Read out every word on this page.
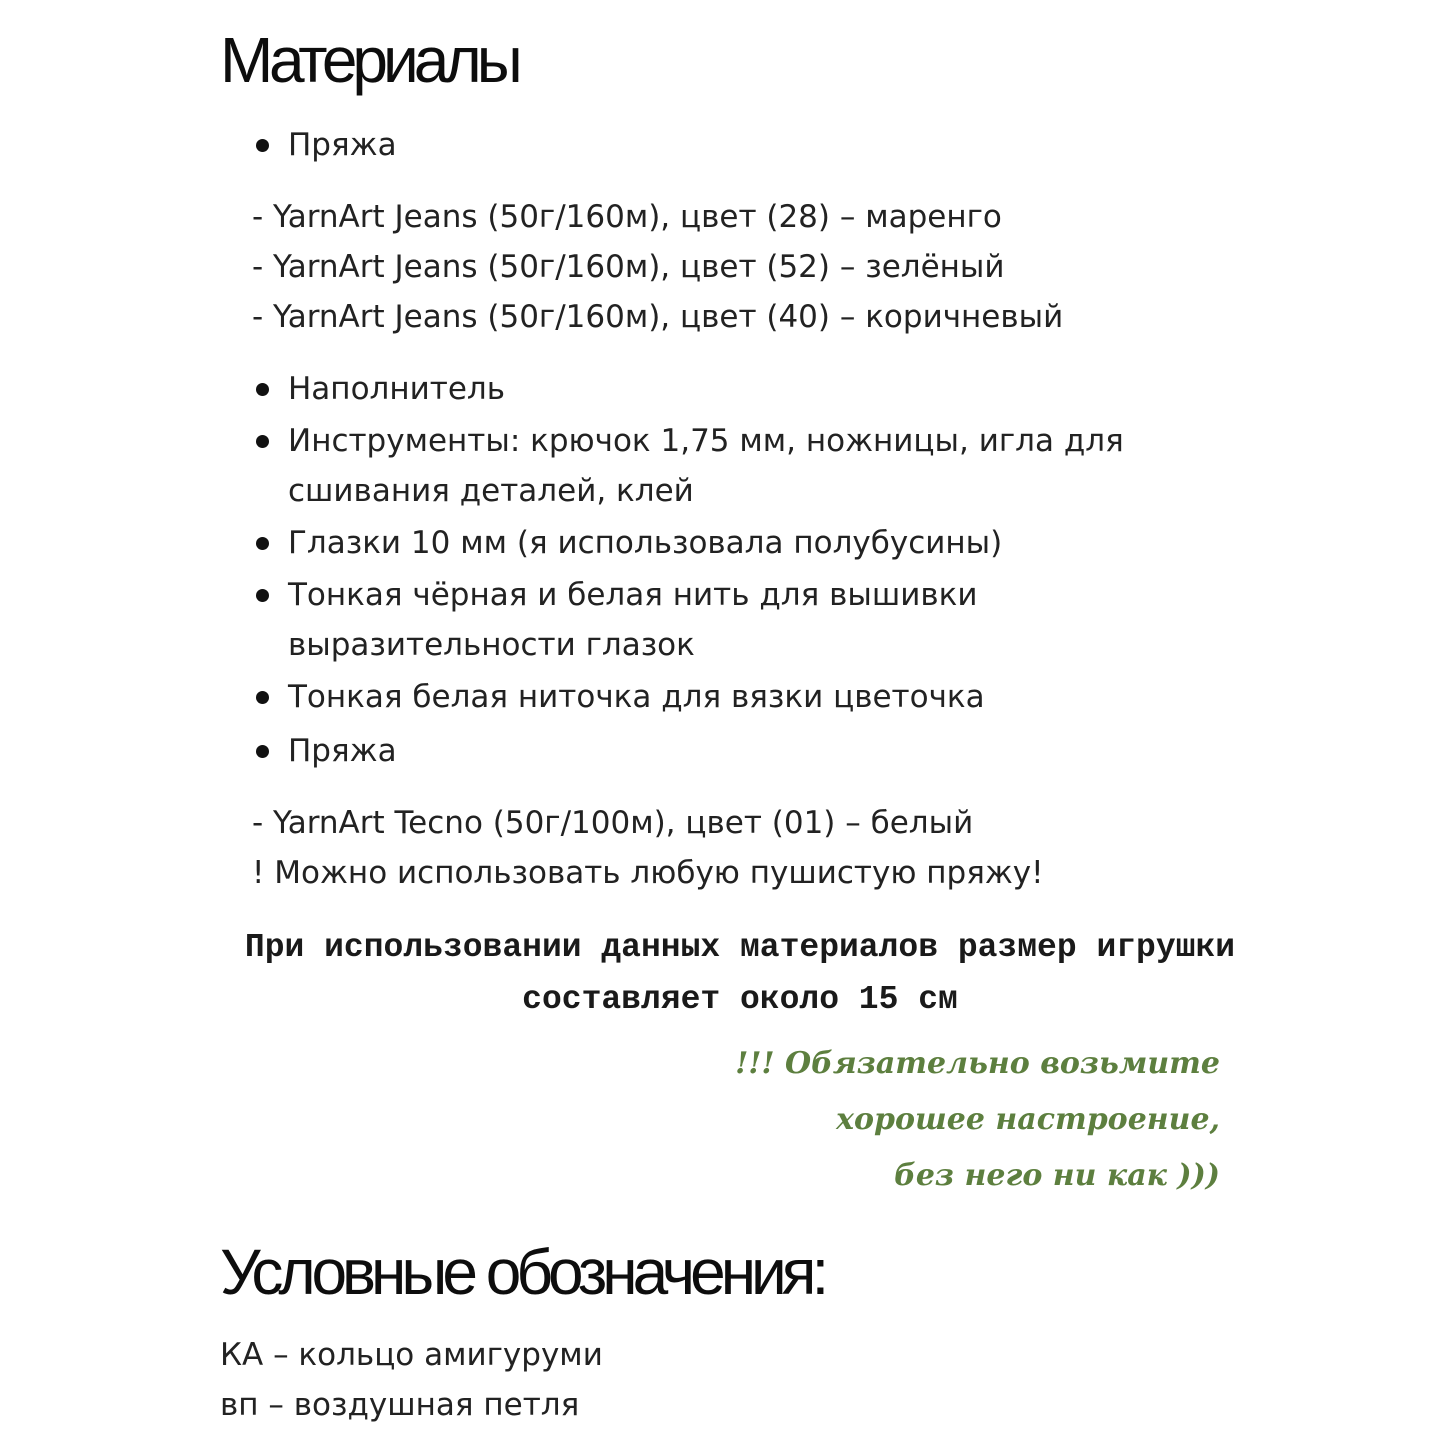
Материалы
Пряжа
- YarnArt Jeans (50г/160м), цвет (28) – маренго
- YarnArt Jeans (50г/160м), цвет (52) – зелёный
- YarnArt Jeans (50г/160м), цвет (40) – коричневый
Наполнитель
Инструменты: крючок 1,75 мм, ножницы, игла для сшивания деталей, клей
Глазки 10 мм (я использовала полубусины)
Тонкая чёрная и белая нить для вышивки выразительности глазок
Тонкая белая ниточка для вязки цветочка
Пряжа
- YarnArt Tecno (50г/100м), цвет (01) – белый
! Можно использовать любую пушистую пряжу!

При использовании данных материалов размер игрушки составляет около 15 см

!!! Обязательно возьмите
хорошее настроение,
без него ни как )))
Условные обозначения:
КА – кольцо амигуруми
вп – воздушная петля
